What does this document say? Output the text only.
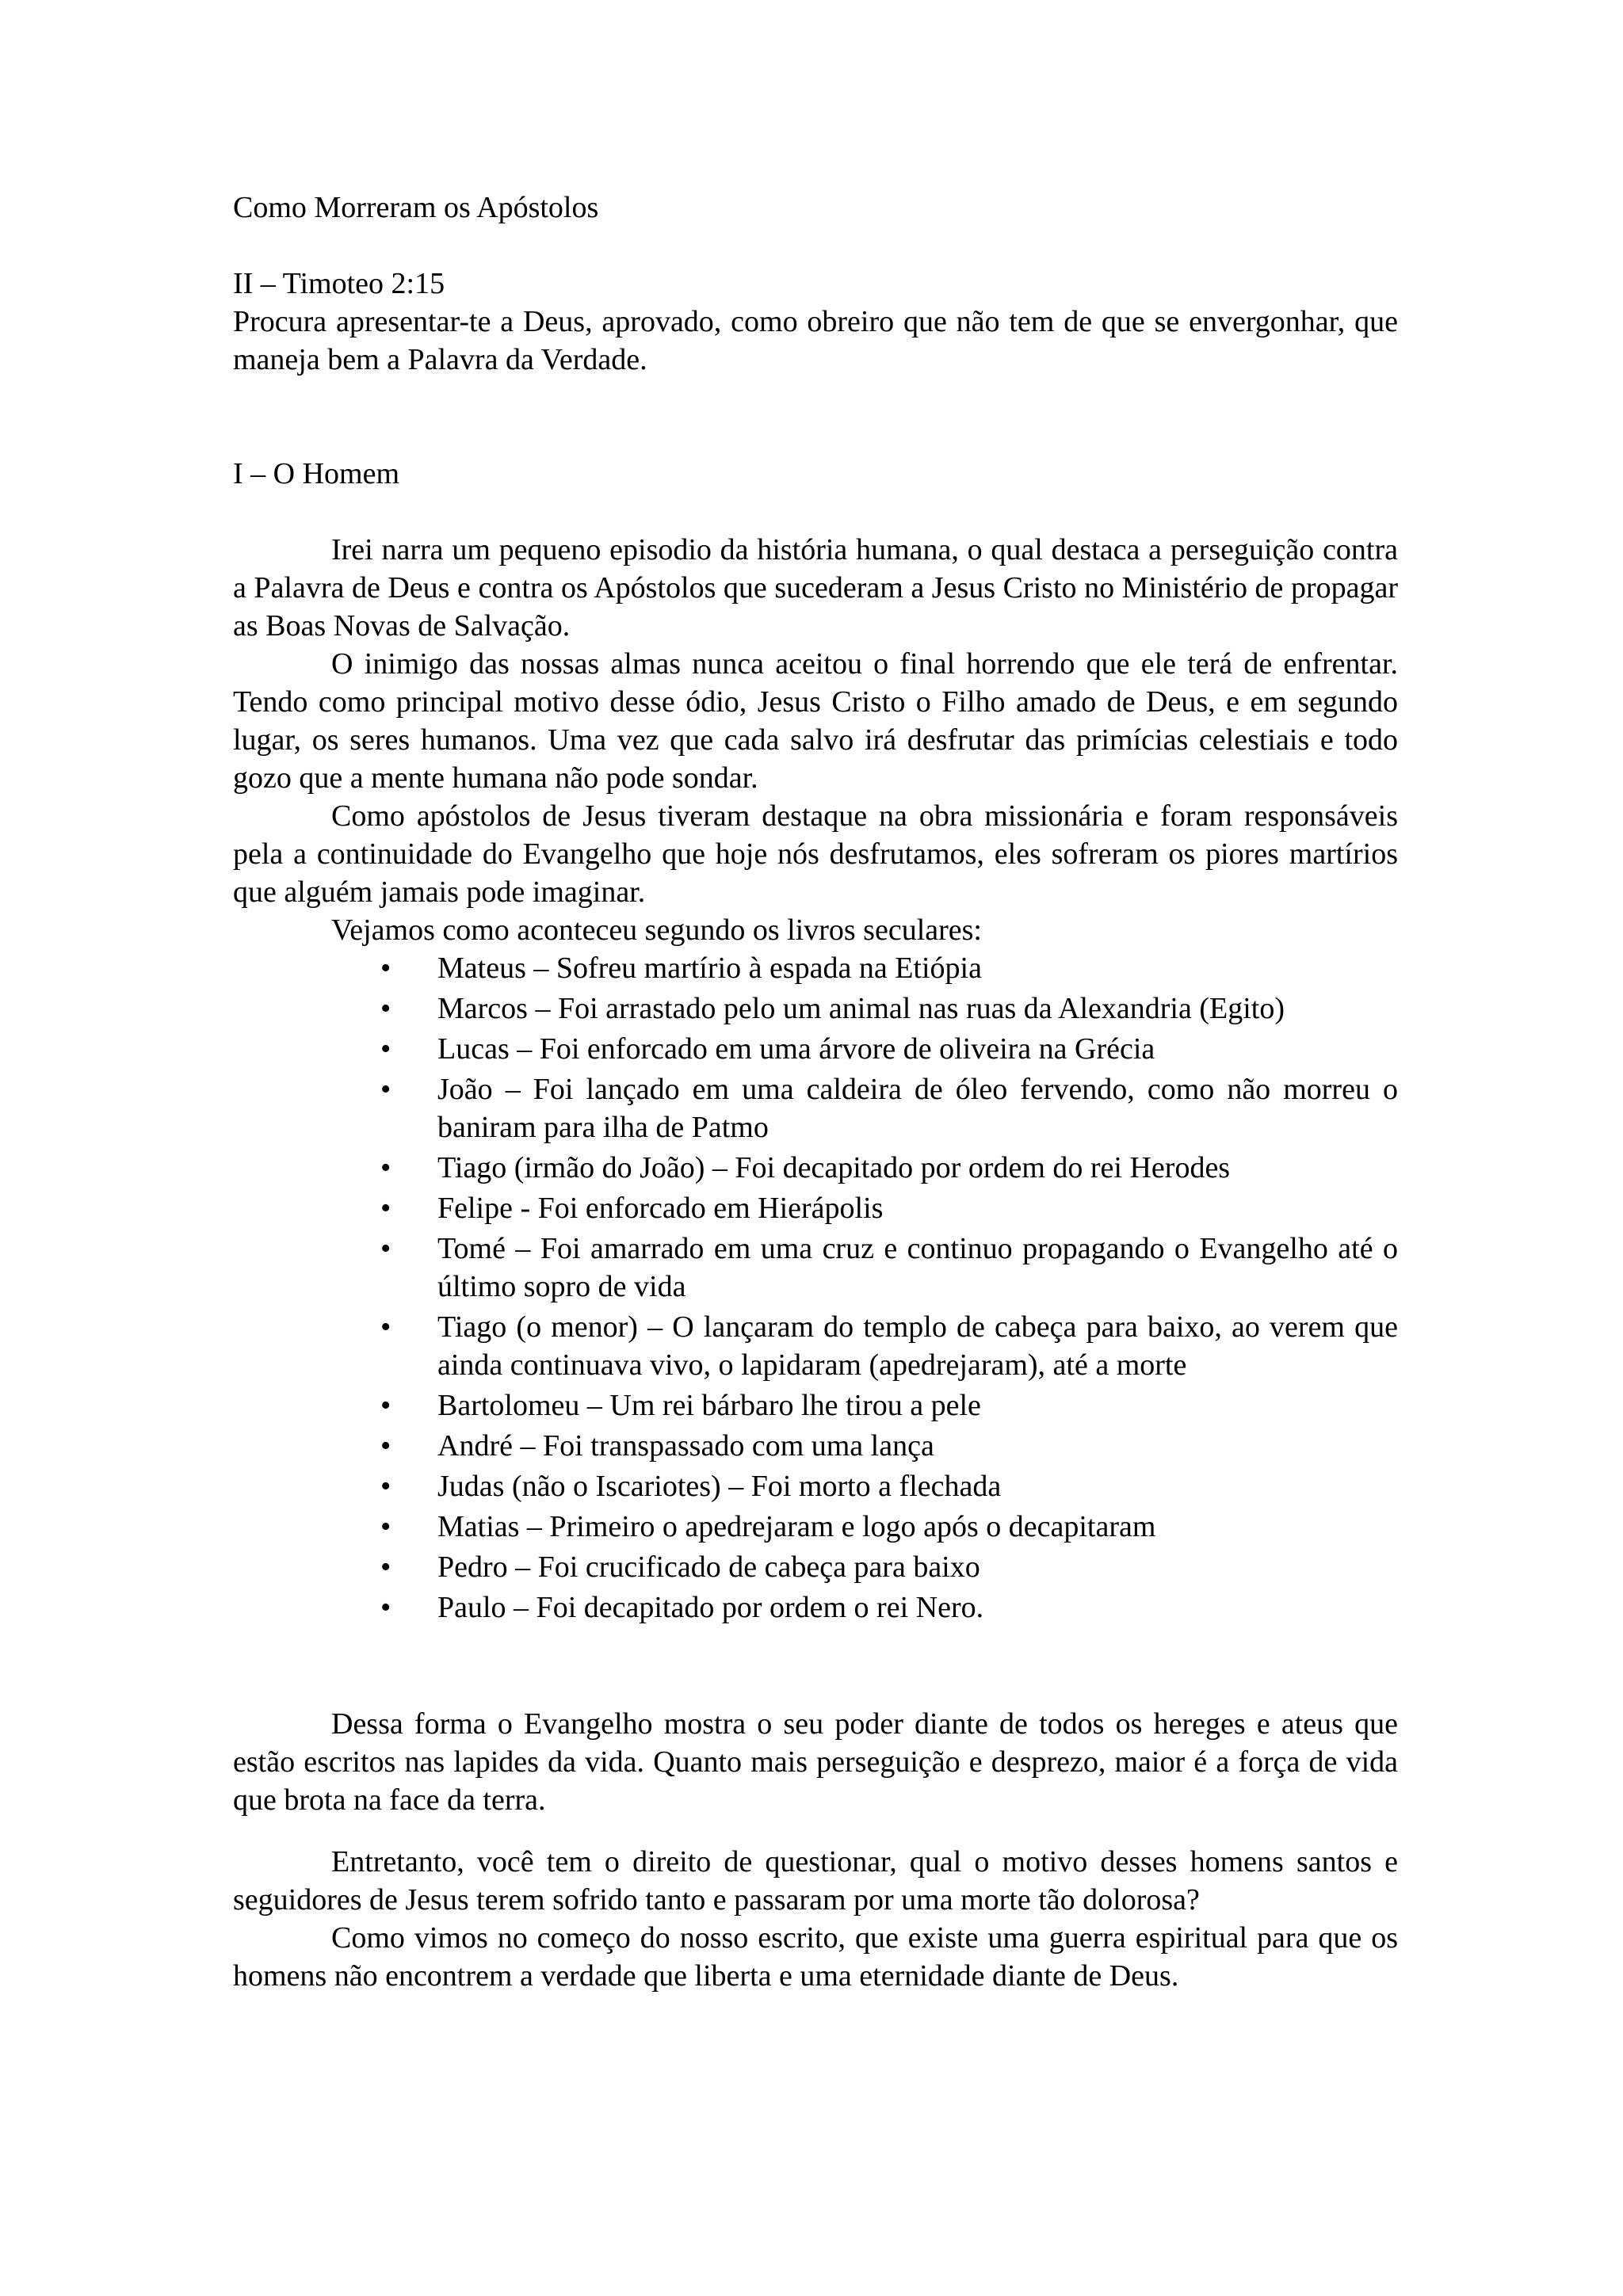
Como Morreram os Apóstolos
II – Timoteo 2:15
Procura apresentar-te a Deus, aprovado, como obreiro que não tem de que se envergonhar, que maneja bem a Palavra da Verdade.
I – O Homem

Irei narra um pequeno episodio da história humana, o qual destaca a perseguição contra a Palavra de Deus e contra os Apóstolos que sucederam a Jesus Cristo no Ministério de propagar as Boas Novas de Salvação.

O inimigo das nossas almas nunca aceitou o final horrendo que ele terá de enfrentar. Tendo como principal motivo desse ódio, Jesus Cristo o Filho amado de Deus, e em segundo lugar, os seres humanos. Uma vez que cada salvo irá desfrutar das primícias celestiais e todo gozo que a mente humana não pode sondar.

Como apóstolos de Jesus tiveram destaque na obra missionária e foram responsáveis pela a continuidade do Evangelho que hoje nós desfrutamos, eles sofreram os piores martírios que alguém jamais pode imaginar.

Vejamos como aconteceu segundo os livros seculares:

• Mateus – Sofreu martírio à espada na Etiópia
• Marcos – Foi arrastado pelo um animal nas ruas da Alexandria (Egito)
• Lucas – Foi enforcado em uma árvore de oliveira na Grécia
• João – Foi lançado em uma caldeira de óleo fervendo, como não morreu o baniram para ilha de Patmo
• Tiago (irmão do João) – Foi decapitado por ordem do rei Herodes
• Felipe - Foi enforcado em Hierápolis
• Tomé – Foi amarrado em uma cruz e continuo propagando o Evangelho até o último sopro de vida
• Tiago (o menor) – O lançaram do templo de cabeça para baixo, ao verem que ainda continuava vivo, o lapidaram (apedrejaram), até a morte
• Bartolomeu – Um rei bárbaro lhe tirou a pele
• André – Foi transpassado com uma lança
• Judas (não o Iscariotes) – Foi morto a flechada
• Matias – Primeiro o apedrejaram e logo após o decapitaram
• Pedro – Foi crucificado de cabeça para baixo
• Paulo – Foi decapitado por ordem o rei Nero.

Dessa forma o Evangelho mostra o seu poder diante de todos os hereges e ateus que estão escritos nas lapides da vida. Quanto mais perseguição e desprezo, maior é a força de vida que brota na face da terra.

Entretanto, você tem o direito de questionar, qual o motivo desses homens santos e seguidores de Jesus terem sofrido tanto e passaram por uma morte tão dolorosa?

Como vimos no começo do nosso escrito, que existe uma guerra espiritual para que os homens não encontrem a verdade que liberta e uma eternidade diante de Deus.
